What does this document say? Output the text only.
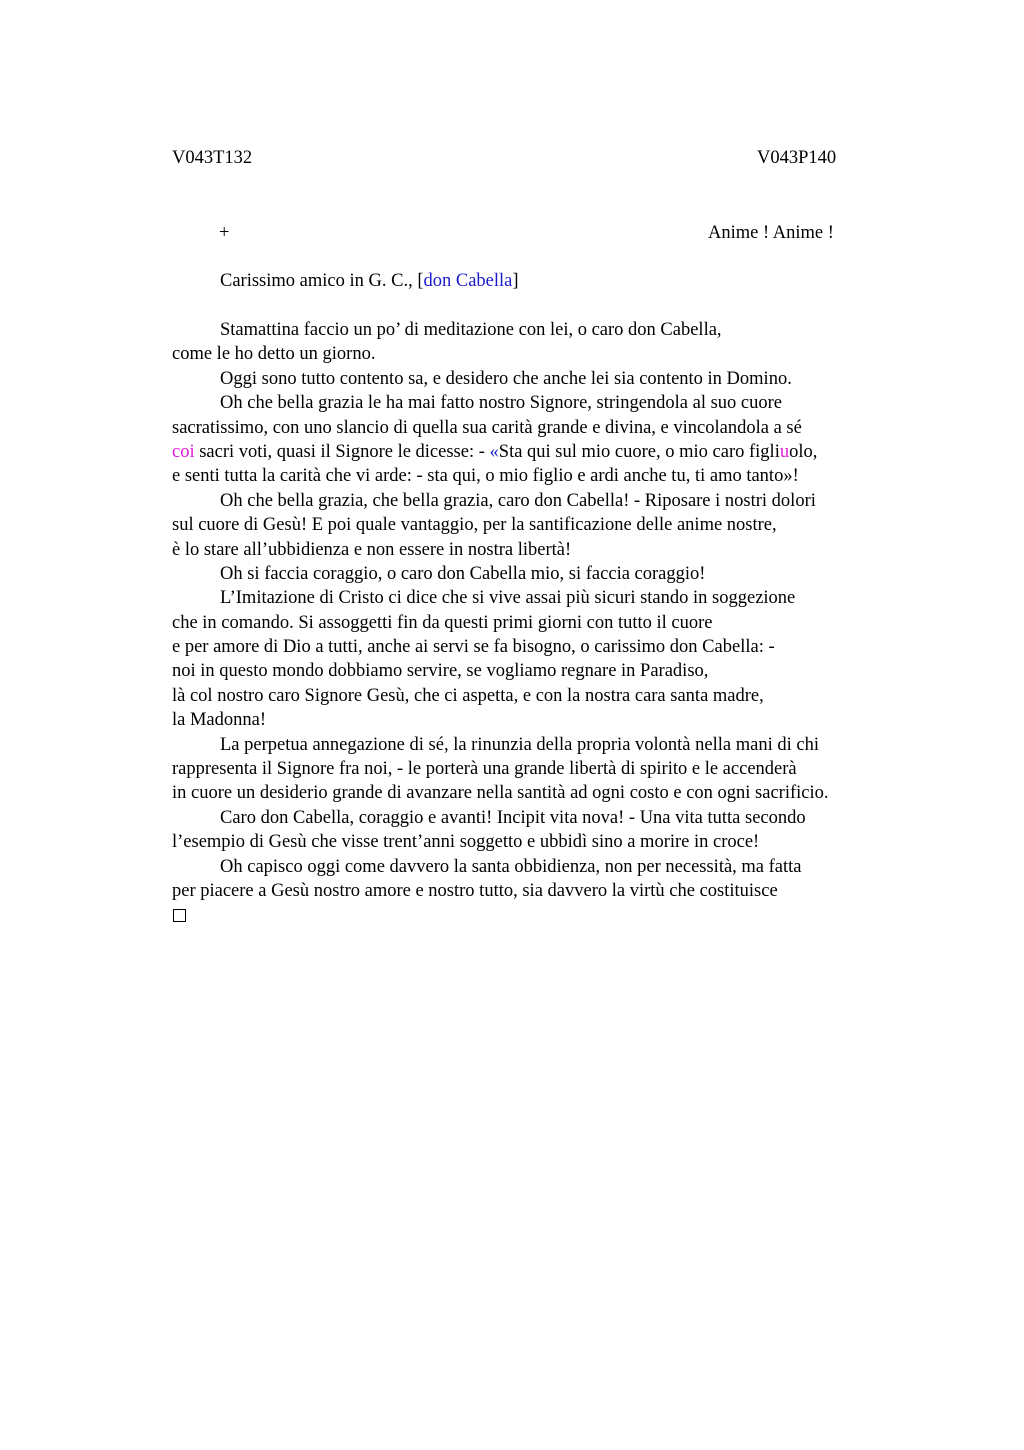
V043T132	V043P140
+	Anime ! Anime !
Carissimo amico in G. C., [don Cabella]
Stamattina faccio un po’ di meditazione con lei, o caro don Cabella,
come le ho detto un giorno.
Oggi sono tutto contento sa, e desidero che anche lei sia contento in Domino.
Oh che bella grazia le ha mai fatto nostro Signore, stringendola al suo cuore
sacratissimo, con uno slancio di quella sua carità grande e divina, e vincolandola a sé
coi sacri voti, quasi il Signore le dicesse: - «Sta qui sul mio cuore, o mio caro figliuolo,
e senti tutta la carità che vi arde: - sta qui, o mio figlio e ardi anche tu, ti amo tanto»!
Oh che bella grazia, che bella grazia, caro don Cabella! - Riposare i nostri dolori
sul cuore di Gesù! E poi quale vantaggio, per la santificazione delle anime nostre,
è lo stare all’ubbidienza e non essere in nostra libertà!
Oh si faccia coraggio, o caro don Cabella mio, si faccia coraggio!
L’Imitazione di Cristo ci dice che si vive assai più sicuri stando in soggezione
che in comando. Si assoggetti fin da questi primi giorni con tutto il cuore
e per amore di Dio a tutti, anche ai servi se fa bisogno, o carissimo don Cabella: -
noi in questo mondo dobbiamo servire, se vogliamo regnare in Paradiso,
là col nostro caro Signore Gesù, che ci aspetta, e con la nostra cara santa madre,
la Madonna!
La perpetua annegazione di sé, la rinunzia della propria volontà nella mani di chi
rappresenta il Signore fra noi, - le porterà una grande libertà di spirito e le accenderà
in cuore un desiderio grande di avanzare nella santità ad ogni costo e con ogni sacrificio.
Caro don Cabella, coraggio e avanti! Incipit vita nova! - Una vita tutta secondo
l’esempio di Gesù che visse trent’anni soggetto e ubbidì sino a morire in croce!
Oh capisco oggi come davvero la santa obbidienza, non per necessità, ma fatta
per piacere a Gesù nostro amore e nostro tutto, sia davvero la virtù che costituisce
